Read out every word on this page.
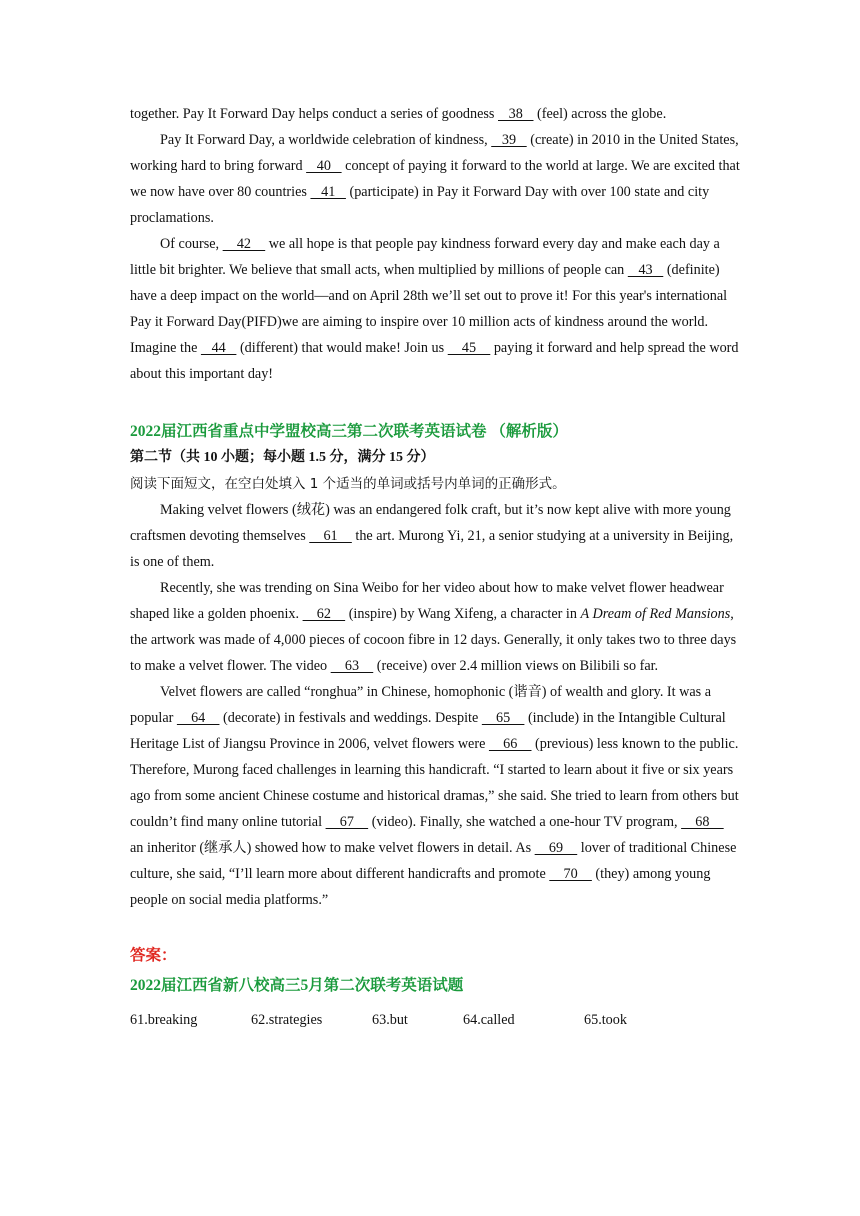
together. Pay It Forward Day helps conduct a series of goodness    38    (feel) across the globe.

Pay It Forward Day, a worldwide celebration of kindness,    39    (create) in 2010 in the United States, working hard to bring forward    40    concept of paying it forward to the world at large. We are excited that we now have over 80 countries    41    (participate) in Pay it Forward Day with over 100 state and city proclamations.

Of course,     42     we all hope is that people pay kindness forward every day and make each day a little bit brighter. We believe that small acts, when multiplied by millions of people can    43    (definite) have a deep impact on the world—and on April 28th we’ll set out to prove it! For this year's international Pay it Forward Day(PIFD)we are aiming to inspire over 10 million acts of kindness around the world. Imagine the    44    (different) that would make! Join us     45     paying it forward and help spread the word about this important day!

2022届江西省重点中学盟校高三第二次联考英语试卷 （解析版）

第二节（共 10 小题；每小题 1.5 分，满分 15 分）

阅读下面短文，在空白处填入 1 个适当的单词或括号内单词的正确形式。

Making velvet flowers (绒花) was an endangered folk craft, but it’s now kept alive with more young craftsmen devoting themselves     61     the art. Murong Yi, 21, a senior studying at a university in Beijing, is one of them.

Recently, she was trending on Sina Weibo for her video about how to make velvet flower headwear shaped like a golden phoenix.     62     (inspire) by Wang Xifeng, a character in A Dream of Red Mansions, the artwork was made of 4,000 pieces of cocoon fibre in 12 days. Generally, it only takes two to three days to make a velvet flower. The video     63     (receive) over 2.4 million views on Bilibili so far.

Velvet flowers are called “ronghua” in Chinese, homophonic (谐音) of wealth and glory. It was a popular     64     (decorate) in festivals and weddings. Despite     65     (include) in the Intangible Cultural Heritage List of Jiangsu Province in 2006, velvet flowers were     66     (previous) less known to the public. Therefore, Murong faced challenges in learning this handicraft. “I started to learn about it five or six years ago from some ancient Chinese costume and historical dramas,” she said. She tried to learn from others but couldn’t find many online tutorial     67     (video). Finally, she watched a one-hour TV program,     68     an inheritor (继承人) showed how to make velvet flowers in detail. As     69     lover of traditional Chinese culture, she said, “I’ll learn more about different handicrafts and promote     70     (they) among young people on social media platforms.”

答案：

2022届江西省新八校高三5月第二次联考英语试题

61.breaking	62.strategies	63.but	64.called	65.took
